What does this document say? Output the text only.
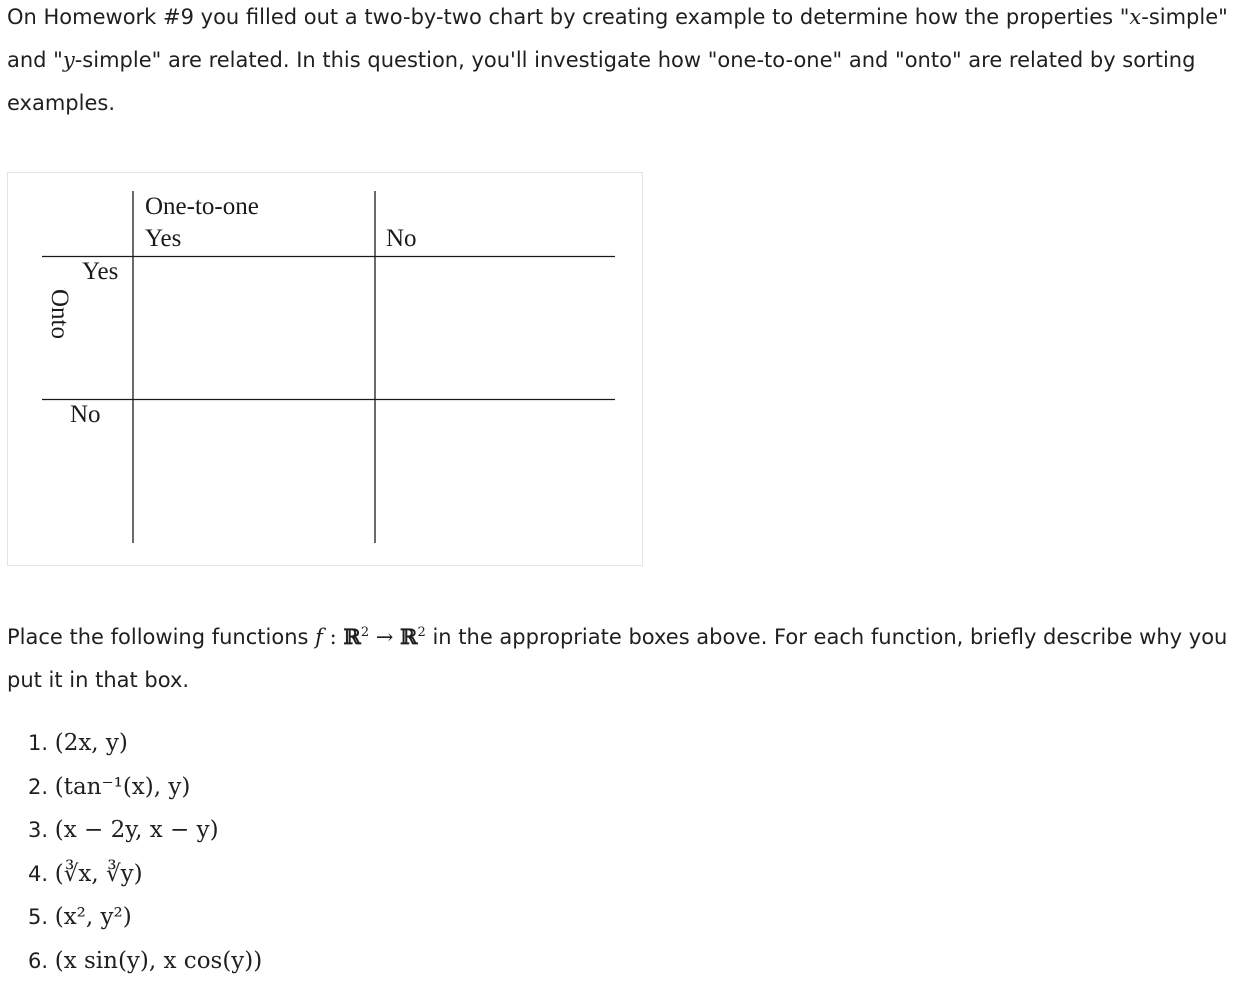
On Homework #9 you filled out a two-by-two chart by creating example to determine how the properties "x-simple" and "y-simple" are related. In this question, you'll investigate how "one-to-one" and "onto" are related by sorting examples.

One-to-one
Yes	No
Yes
No
Onto

Place the following functions f : ℝ$^2$ → ℝ$^2$ in the appropriate boxes above. For each function, briefly describe why you put it in that box.

1. (2x, y)
2. (tan⁻¹(x), y)
3. (x − 2y, x − y)
4. (∛x, ∛y)
5. (x², y²)
6. (x sin(y), x cos(y))
